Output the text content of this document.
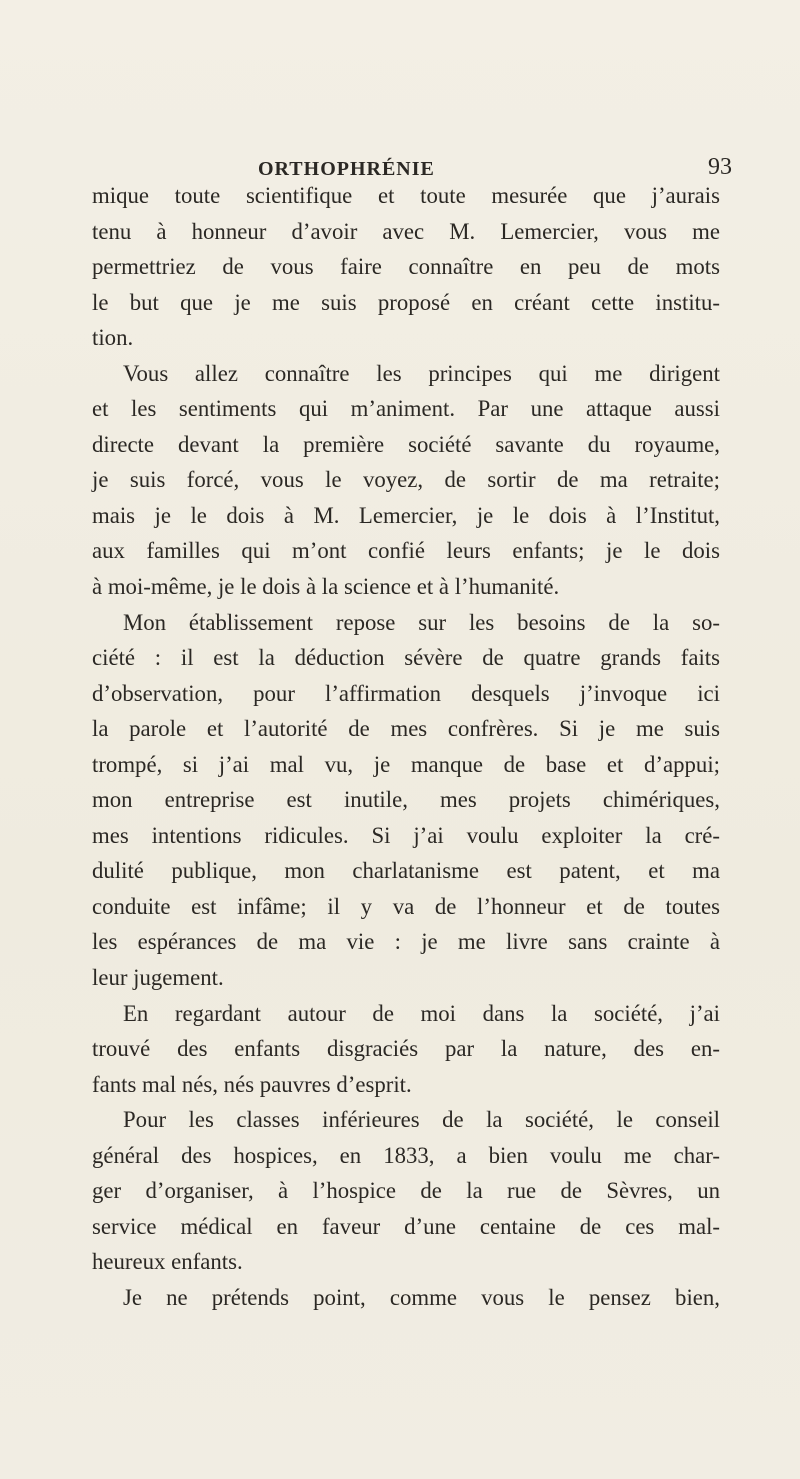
ORTHOPHRÉNIE	93
mique toute scientifique et toute mesurée que j’aurais
tenu à honneur d’avoir avec M. Lemercier, vous me
permettriez de vous faire connaître en peu de mots
le but que je me suis proposé en créant cette institu-
tion.
Vous allez connaître les principes qui me dirigent
et les sentiments qui m’animent. Par une attaque aussi
directe devant la première société savante du royaume,
je suis forcé, vous le voyez, de sortir de ma retraite;
mais je le dois à M. Lemercier, je le dois à l’Institut,
aux familles qui m’ont confié leurs enfants; je le dois
à moi-même, je le dois à la science et à l’humanité.
Mon établissement repose sur les besoins de la so-
ciété : il est la déduction sévère de quatre grands faits
d’observation, pour l’affirmation desquels j’invoque ici
la parole et l’autorité de mes confrères. Si je me suis
trompé, si j’ai mal vu, je manque de base et d’appui;
mon entreprise est inutile, mes projets chimériques,
mes intentions ridicules. Si j’ai voulu exploiter la cré-
dulité publique, mon charlatanisme est patent, et ma
conduite est infâme; il y va de l’honneur et de toutes
les espérances de ma vie : je me livre sans crainte à
leur jugement.
En regardant autour de moi dans la société, j’ai
trouvé des enfants disgraciés par la nature, des en-
fants mal nés, nés pauvres d’esprit.
Pour les classes inférieures de la société, le conseil
général des hospices, en 1833, a bien voulu me char-
ger d’organiser, à l’hospice de la rue de Sèvres, un
service médical en faveur d’une centaine de ces mal-
heureux enfants.
Je ne prétends point, comme vous le pensez bien,
